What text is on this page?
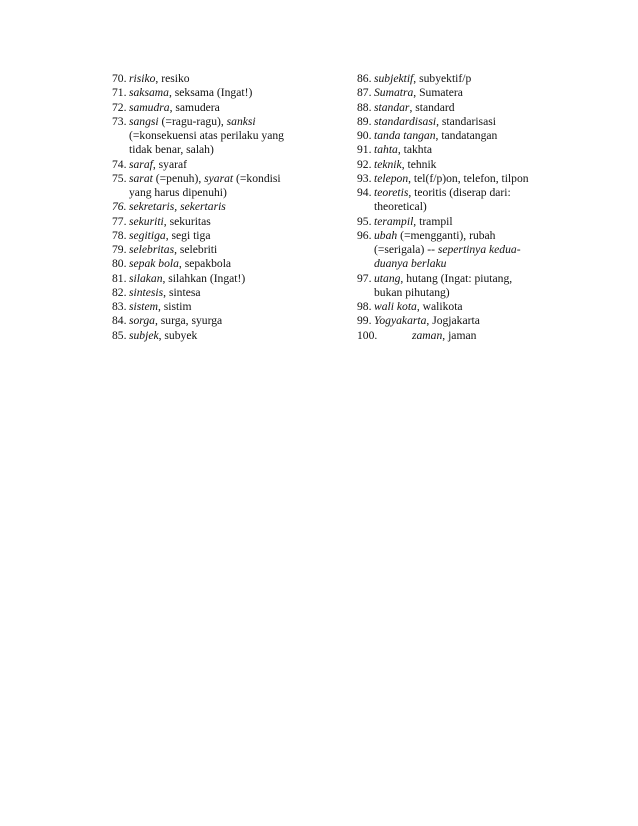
70. risiko, resiko
71. saksama, seksama (Ingat!)
72. samudra, samudera
73. sangsi (=ragu-ragu), sanksi
(=konsekuensi atas perilaku yang
tidak benar, salah)
74. saraf, syaraf
75. sarat (=penuh), syarat (=kondisi
yang harus dipenuhi)
76. sekretaris, sekertaris
77. sekuriti, sekuritas
78. segitiga, segi tiga
79. selebritas, selebriti
80. sepak bola, sepakbola
81. silakan, silahkan (Ingat!)
82. sintesis, sintesa
83. sistem, sistim
84. sorga, surga, syurga
85. subjek, subyek
86. subjektif, subyektif/p
87. Sumatra, Sumatera
88. standar, standard
89. standardisasi, standarisasi
90. tanda tangan, tandatangan
91. tahta, takhta
92. teknik, tehnik
93. telepon, tel(f/p)on, telefon, tilpon
94. teoretis, teoritis (diserap dari:
theoretical)
95. terampil, trampil
96. ubah (=mengganti), rubah
(=serigala) -- sepertinya kedua-
duanya berlaku
97. utang, hutang (Ingat: piutang,
bukan pihutang)
98. wali kota, walikota
99. Yogyakarta, Jogjakarta
100.	zaman, jaman
